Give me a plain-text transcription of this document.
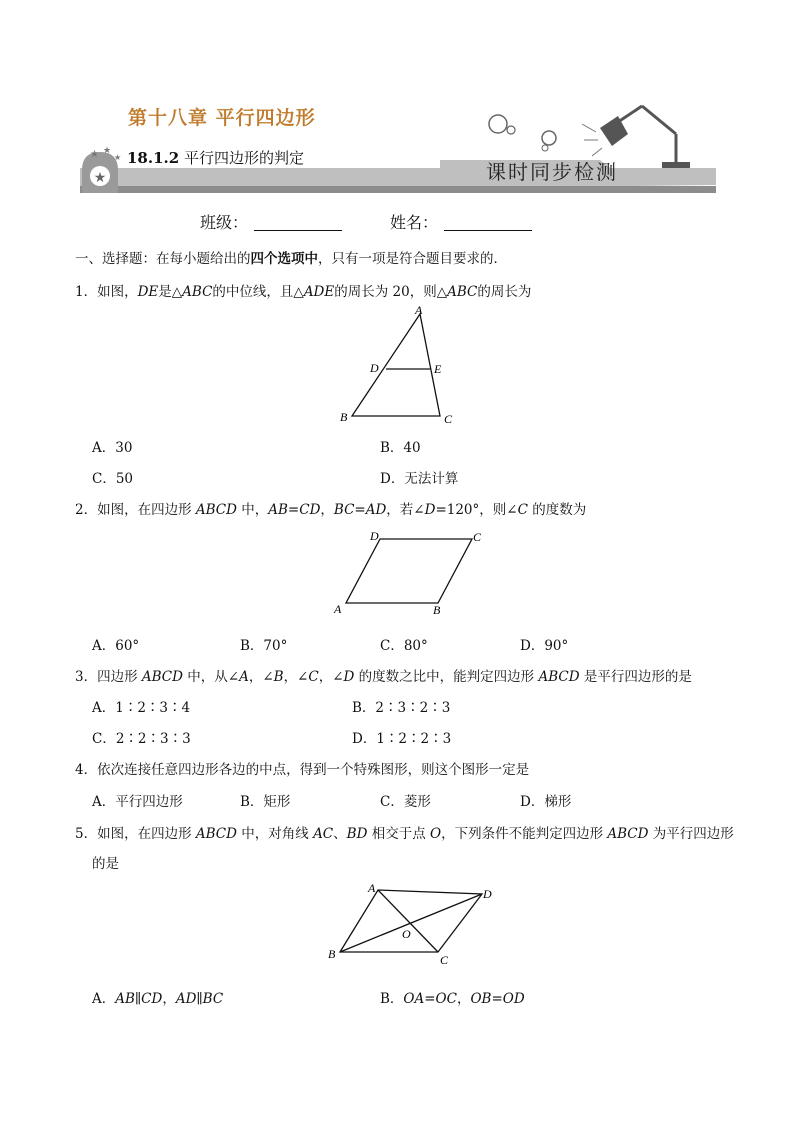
★
★ ★
★
第十八章 平行四边形
18.1.2 平行四边形的判定
课时同步检测
班级：	姓名：
一、选择题：在每小题给出的四个选项中，只有一项是符合题目要求的．
1．如图，DE是△ABC的中位线，且△ADE的周长为 20，则△ABC的周长为
A
D	E
B	C
A．30	B．40
C．50	D．无法计算
2．如图，在四边形 ABCD 中，AB=CD，BC=AD，若∠D=120°，则∠C 的度数为
D	C
A	B
A．60°	B．70°	C．80°	D．90°
3．四边形 ABCD 中，从∠A，∠B，∠C，∠D 的度数之比中，能判定四边形 ABCD 是平行四边形的是
A．1∶2∶3∶4	B．2∶3∶2∶3
C．2∶2∶3∶3	D．1∶2∶2∶3
4．依次连接任意四边形各边的中点，得到一个特殊图形，则这个图形一定是
A．平行四边形	B．矩形	C．菱形	D．梯形
5．如图，在四边形 ABCD 中，对角线 AC、BD 相交于点 O，下列条件不能判定四边形 ABCD 为平行四边形
的是
A	D
O
B	C
A．AB∥CD，AD∥BC	B．OA=OC，OB=OD
